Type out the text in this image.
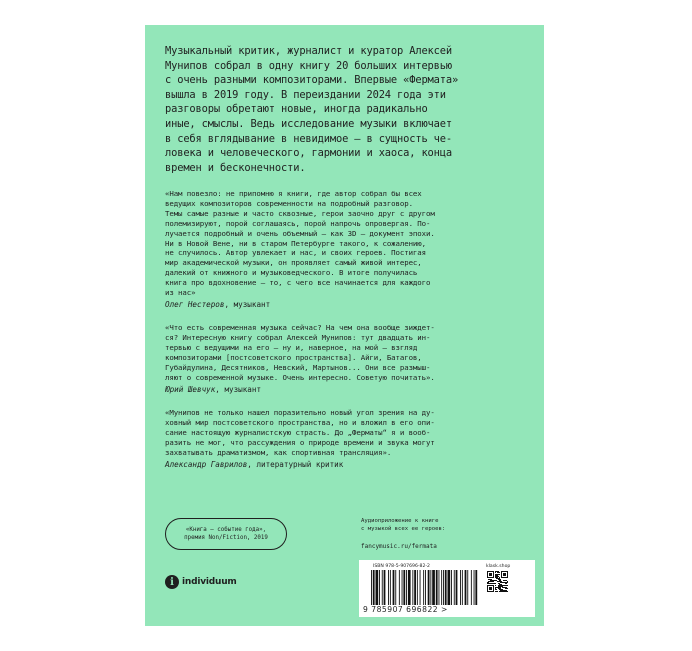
Музыкальный критик, журналист и куратор Алексей
Мунипов собрал в одну книгу 20 больших интервью
с очень разными композиторами. Впервые «Фермата»
вышла в 2019 году. В переиздании 2024 года эти
разговоры обретают новые, иногда радикально
иные, смыслы. Ведь исследование музыки включает
в себя вглядывание в невидимое – в сущность че-
ловека и человеческого, гармонии и хаоса, конца
времен и бесконечности.

«Нам повезло: не припомню я книги, где автор собрал бы всех
ведущих композиторов современности на подробный разговор.
Темы самые разные и часто сквозные, герои заочно друг с другом
полемизируют, порой соглашаясь, порой напрочь опровергая. По-
лучается подробный и очень объемный – как 3D – документ эпохи.
Ни в Новой Вене, ни в старом Петербурге такого, к сожалению,
не случилось. Автор увлекает и нас, и своих героев. Постигая
мир академической музыки, он проявляет самый живой интерес,
далекий от книжного и музыковедческого. В итоге получилась
книга про вдохновение – то, с чего все начинается для каждого
из нас»

Олег Нестеров, музыкант

«Что есть современная музыка сейчас? На чем она вообще зиждет-
ся? Интересную книгу собрал Алексей Мунипов: тут двадцать ин-
тервью с ведущими на его – ну и, наверное, на мой – взгляд
композиторами [постсоветского пространства]. Айги, Батагов,
Губайдулина, Десятников, Невский, Мартынов... Они все размыш-
ляют о современной музыке. Очень интересно. Советую почитать».

Юрий Шевчук, музыкант

«Мунипов не только нашел поразительно новый угол зрения на ду-
ховный мир постсоветского пространства, но и вложил в его опи-
сание настоящую журналистскую страсть. До „Ферматы“ я и вооб-
разить не мог, что рассуждения о природе времени и звука могут
захватывать драматизмом, как спортивная трансляция».

Александр Гаврилов, литературный критик

«Книга – событие года»,
премия Non/Fiction, 2019

Аудиоприложение к книге
с музыкой всех ее героев:

fancymusic.ru/fermata

i individuum
ISBN 978-5-907696-82-2	klask.shop
9 785907 696822 >
